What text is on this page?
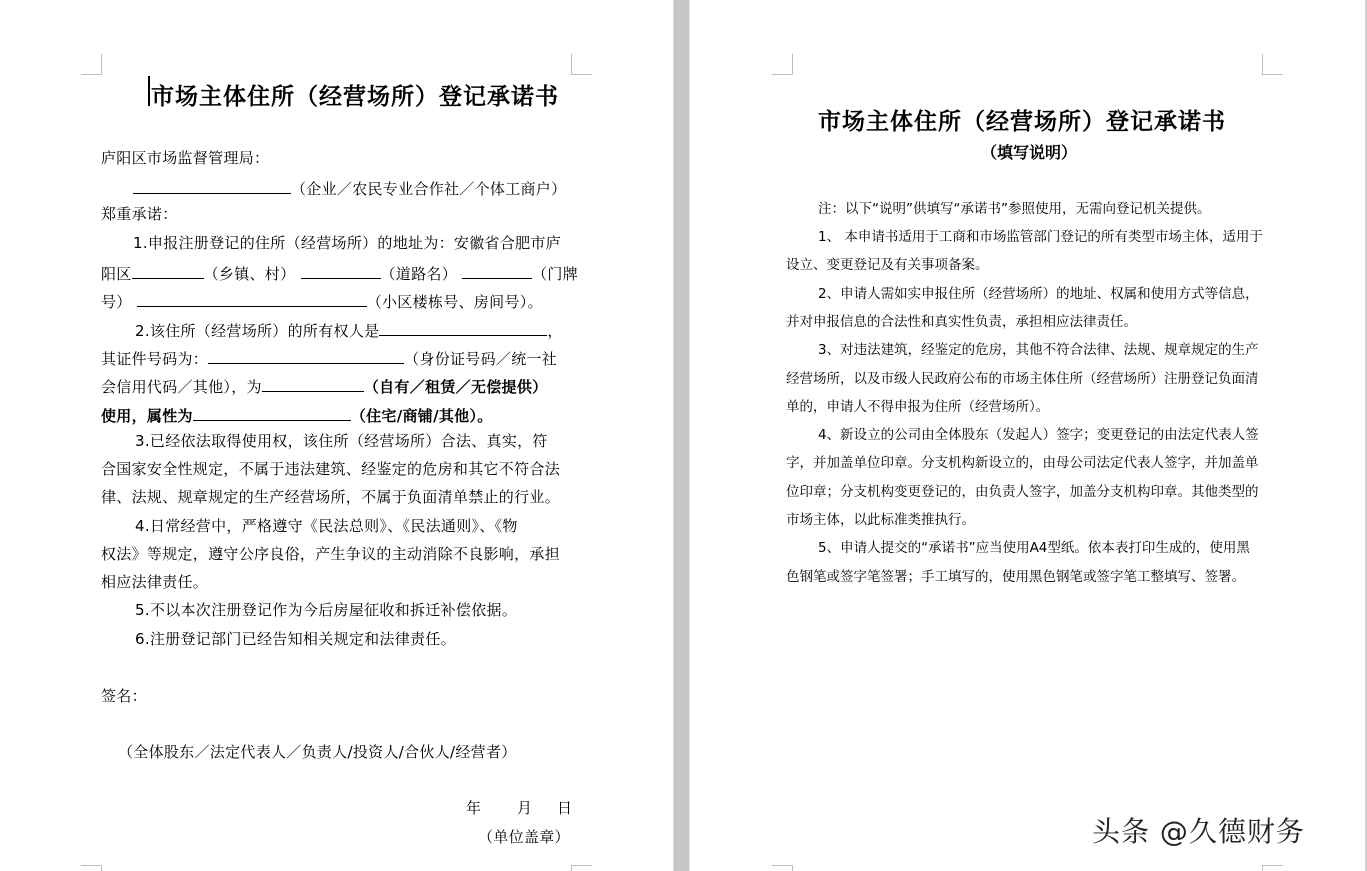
市场主体住所（经营场所）登记承诺书
庐阳区市场监督管理局：
（企业／农民专业合作社／个体工商户）
郑重承诺：
1.申报注册登记的住所（经营场所）的地址为：安徽省合肥市庐
阳区	（乡镇、村）	（道路名）	（门牌
号）	（小区楼栋号、房间号）。
2.该住所（经营场所）的所有权人是	，
其证件号码为：	（身份证号码／统一社
会信用代码／其他），为	（自有／租赁／无偿提供）
使用，属性为	（住宅/商铺/其他）。
3.已经依法取得使用权，该住所（经营场所）合法、真实，符
合国家安全性规定，不属于违法建筑、经鉴定的危房和其它不符合法
律、法规、规章规定的生产经营场所，不属于负面清单禁止的行业。
4.日常经营中，严格遵守《民法总则》、《民法通则》、《物
权法》等规定，遵守公序良俗，产生争议的主动消除不良影响，承担
相应法律责任。
5.不以本次注册登记作为今后房屋征收和拆迁补偿依据。
6.注册登记部门已经告知相关规定和法律责任。
签名：
（全体股东／法定代表人／负责人/投资人/合伙人/经营者）
年 月 日
（单位盖章）
市场主体住所（经营场所）登记承诺书
（填写说明）
注：以下“说明”供填写“承诺书”参照使用，无需向登记机关提供。
1、 本申请书适用于工商和市场监管部门登记的所有类型市场主体，适用于
设立、变更登记及有关事项备案。
2、申请人需如实申报住所（经营场所）的地址、权属和使用方式等信息，
并对申报信息的合法性和真实性负责，承担相应法律责任。
3、对违法建筑，经鉴定的危房，其他不符合法律、法规、规章规定的生产
经营场所，以及市级人民政府公布的市场主体住所（经营场所）注册登记负面清
单的，申请人不得申报为住所（经营场所）。
4、新设立的公司由全体股东（发起人）签字；变更登记的由法定代表人签
字，并加盖单位印章。分支机构新设立的，由母公司法定代表人签字，并加盖单
位印章；分支机构变更登记的，由负责人签字，加盖分支机构印章。其他类型的
市场主体，以此标准类推执行。
5、申请人提交的“承诺书”应当使用A4型纸。依本表打印生成的，使用黑
色钢笔或签字笔签署；手工填写的，使用黑色钢笔或签字笔工整填写、签署。
头条 @久德财务
